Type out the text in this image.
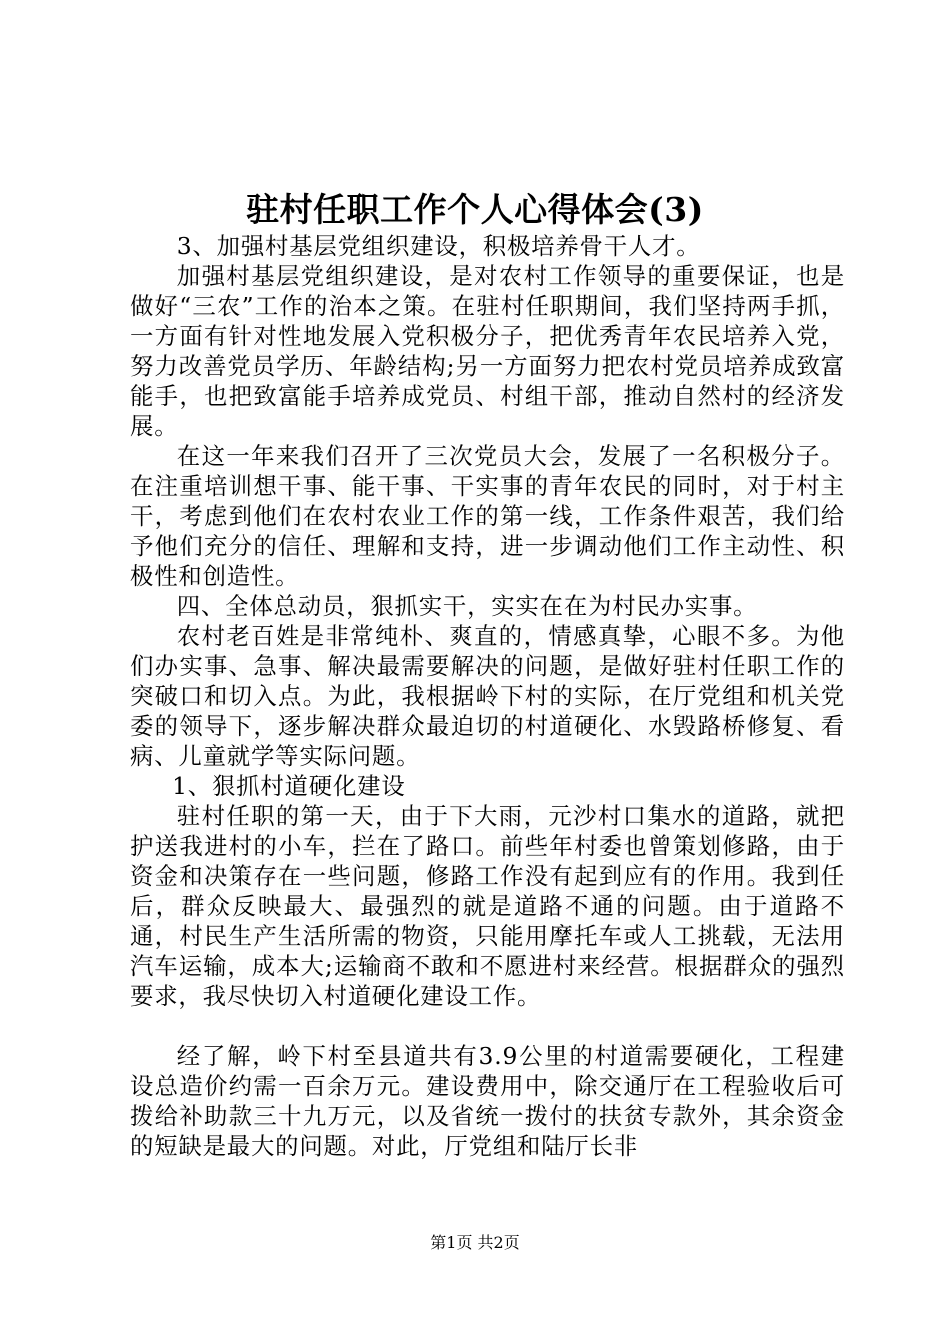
驻村任职工作个人心得体会(3)

3、加强村基层党组织建设，积极培养骨干人才。

加强村基层党组织建设，是对农村工作领导的重要保证，也是做好“三农”工作的治本之策。在驻村任职期间，我们坚持两手抓，一方面有针对性地发展入党积极分子，把优秀青年农民培养入党，努力改善党员学历、年龄结构;另一方面努力把农村党员培养成致富能手，也把致富能手培养成党员、村组干部，推动自然村的经济发展。

在这一年来我们召开了三次党员大会，发展了一名积极分子。在注重培训想干事、能干事、干实事的青年农民的同时，对于村主干，考虑到他们在农村农业工作的第一线，工作条件艰苦，我们给予他们充分的信任、理解和支持，进一步调动他们工作主动性、积极性和创造性。

四、全体总动员，狠抓实干，实实在在为村民办实事。

农村老百姓是非常纯朴、爽直的，情感真挚，心眼不多。为他们办实事、急事、解决最需要解决的问题，是做好驻村任职工作的突破口和切入点。为此，我根据岭下村的实际，在厅党组和机关党委的领导下，逐步解决群众最迫切的村道硬化、水毁路桥修复、看病、儿童就学等实际问题。

1、狠抓村道硬化建设

驻村任职的第一天，由于下大雨，元沙村口集水的道路，就把护送我进村的小车，拦在了路口。前些年村委也曾策划修路，由于资金和决策存在一些问题，修路工作没有起到应有的作用。我到任后，群众反映最大、最强烈的就是道路不通的问题。由于道路不通，村民生产生活所需的物资，只能用摩托车或人工挑载，无法用汽车运输，成本大;运输商不敢和不愿进村来经营。根据群众的强烈要求，我尽快切入村道硬化建设工作。

经了解，岭下村至县道共有3.9公里的村道需要硬化，工程建设总造价约需一百余万元。建设费用中，除交通厅在工程验收后可拨给补助款三十九万元，以及省统一拨付的扶贫专款外，其余资金的短缺是最大的问题。对此，厅党组和陆厅长非

第1页 共2页
